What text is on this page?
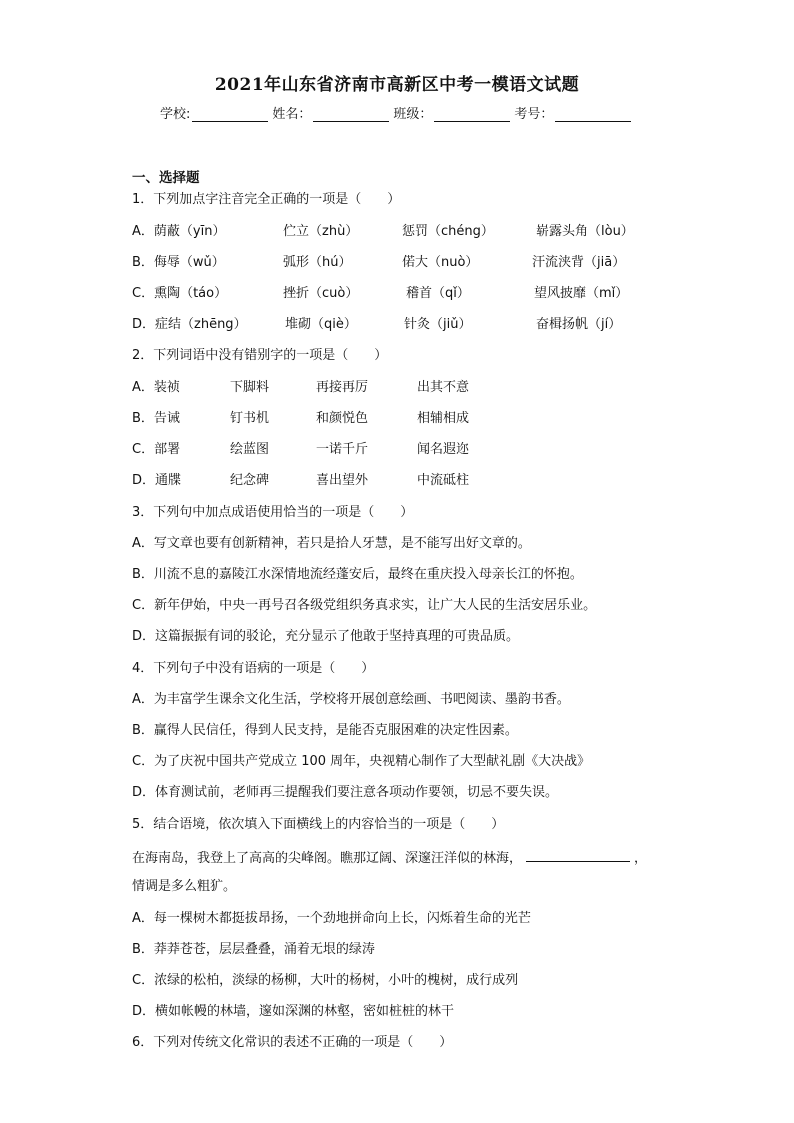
2021年山东省济南市高新区中考一模语文试题
学校:	姓名：	班级：	考号：
一、选择题
1．下列加点字注音完全正确的一项是（　　）
A．荫蔽（yīn）	伫立（zhù）	惩罚（chéng）	崭露头角（lòu）
B．侮辱（wǔ）	弧形（hú）	偌大（nuò）	汗流浃背（jiā）
C．熏陶（táo）	挫折（cuò）	稽首（qǐ）	望风披靡（mǐ）
D．症结（zhēng）	堆砌（qiè）	针灸（jiǔ）	奋楫扬帆（jí）
2．下列词语中没有错别字的一项是（　　）
A．装祯	下脚料	再接再厉	出其不意
B．告诫	钉书机	和颜悦色	相辅相成
C．部署	绘蓝图	一诺千斤	闻名遐迩
D．通牒	纪念碑	喜出望外	中流砥柱
3．下列句中加点成语使用恰当的一项是（　　）
A．写文章也要有创新精神，若只是拾人牙慧，是不能写出好文章的。
B．川流不息的嘉陵江水深情地流经蓬安后，最终在重庆投入母亲长江的怀抱。
C．新年伊始，中央一再号召各级党组织务真求实，让广大人民的生活安居乐业。
D．这篇振振有词的驳论，充分显示了他敢于坚持真理的可贵品质。
4．下列句子中没有语病的一项是（　　）
A．为丰富学生课余文化生活，学校将开展创意绘画、书吧阅读、墨韵书香。
B．赢得人民信任，得到人民支持，是能否克服困难的决定性因素。
C．为了庆祝中国共产党成立 100 周年，央视精心制作了大型献礼剧《大决战》
D．体育测试前，老师再三提醒我们要注意各项动作要领，切忌不要失误。
5．结合语境，依次填入下面横线上的内容恰当的一项是（　　）
在海南岛，我登上了高高的尖峰阁。瞧那辽阔、深邃汪洋似的林海，	，
情调是多么粗犷。
A．每一棵树木都挺拔昂扬，一个劲地拼命向上长，闪烁着生命的光芒
B．莽莽苍苍，层层叠叠，涌着无垠的绿涛
C．浓绿的松柏，淡绿的杨柳，大叶的杨树，小叶的槐树，成行成列
D．横如帐幔的林墙，邃如深渊的林壑，密如桩桩的林干
6．下列对传统文化常识的表述不正确的一项是（　　）
